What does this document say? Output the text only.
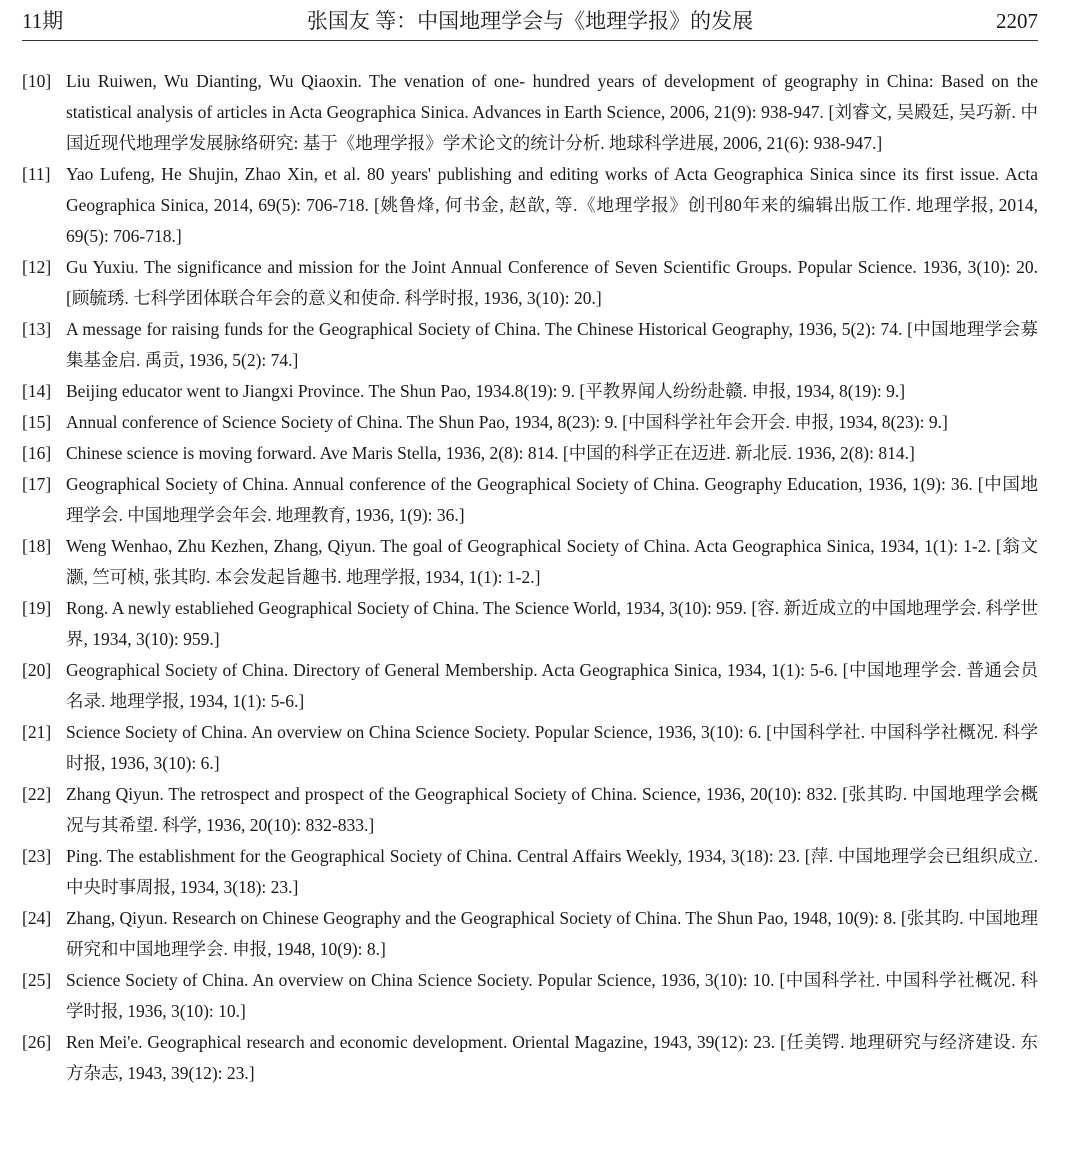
11期	张国友 等：中国地理学会与《地理学报》的发展	2207
[10] Liu Ruiwen, Wu Dianting, Wu Qiaoxin. The venation of one- hundred years of development of geography in China: Based on the statistical analysis of articles in Acta Geographica Sinica. Advances in Earth Science, 2006, 21(9): 938-947. [刘睿文, 吴殿廷, 吴巧新. 中国近现代地理学发展脉络研究: 基于《地理学报》学术论文的统计分析. 地球科学进展, 2006, 21(6): 938-947.]
[11] Yao Lufeng, He Shujin, Zhao Xin, et al. 80 years' publishing and editing works of Acta Geographica Sinica since its first issue. Acta Geographica Sinica, 2014, 69(5): 706-718. [姚鲁烽, 何书金, 赵歆, 等.《地理学报》创刊80年来的编辑出版工作. 地理学报, 2014, 69(5): 706-718.]
[12] Gu Yuxiu. The significance and mission for the Joint Annual Conference of Seven Scientific Groups. Popular Science. 1936, 3(10): 20. [顾毓琇. 七科学团体联合年会的意义和使命. 科学时报, 1936, 3(10): 20.]
[13] A message for raising funds for the Geographical Society of China. The Chinese Historical Geography, 1936, 5(2): 74. [中国地理学会募集基金启. 禹贡, 1936, 5(2): 74.]
[14] Beijing educator went to Jiangxi Province. The Shun Pao, 1934.8(19): 9. [平教界闻人纷纷赴赣. 申报, 1934, 8(19): 9.]
[15] Annual conference of Science Society of China. The Shun Pao, 1934, 8(23): 9. [中国科学社年会开会. 申报, 1934, 8(23): 9.]
[16] Chinese science is moving forward. Ave Maris Stella, 1936, 2(8): 814. [中国的科学正在迈进. 新北辰. 1936, 2(8): 814.]
[17] Geographical Society of China. Annual conference of the Geographical Society of China. Geography Education, 1936, 1(9): 36. [中国地理学会. 中国地理学会年会. 地理教育, 1936, 1(9): 36.]
[18] Weng Wenhao, Zhu Kezhen, Zhang, Qiyun. The goal of Geographical Society of China. Acta Geographica Sinica, 1934, 1(1): 1-2. [翁文灏, 竺可桢, 张其昀. 本会发起旨趣书. 地理学报, 1934, 1(1): 1-2.]
[19] Rong. A newly establiehed Geographical Society of China. The Science World, 1934, 3(10): 959. [容. 新近成立的中国地理学会. 科学世界, 1934, 3(10): 959.]
[20] Geographical Society of China. Directory of General Membership. Acta Geographica Sinica, 1934, 1(1): 5-6. [中国地理学会. 普通会员名录. 地理学报, 1934, 1(1): 5-6.]
[21] Science Society of China. An overview on China Science Society. Popular Science, 1936, 3(10): 6. [中国科学社. 中国科学社概况. 科学时报, 1936, 3(10): 6.]
[22] Zhang Qiyun. The retrospect and prospect of the Geographical Society of China. Science, 1936, 20(10): 832. [张其昀. 中国地理学会概况与其希望. 科学, 1936, 20(10): 832-833.]
[23] Ping. The establishment for the Geographical Society of China. Central Affairs Weekly, 1934, 3(18): 23. [萍. 中国地理学会已组织成立. 中央时事周报, 1934, 3(18): 23.]
[24] Zhang, Qiyun. Research on Chinese Geography and the Geographical Society of China. The Shun Pao, 1948, 10(9): 8. [张其昀. 中国地理研究和中国地理学会. 申报, 1948, 10(9): 8.]
[25] Science Society of China. An overview on China Science Society. Popular Science, 1936, 3(10): 10. [中国科学社. 中国科学社概况. 科学时报, 1936, 3(10): 10.]
[26] Ren Mei'e. Geographical research and economic development. Oriental Magazine, 1943, 39(12): 23. [任美锷. 地理研究与经济建设. 东方杂志, 1943, 39(12): 23.]
